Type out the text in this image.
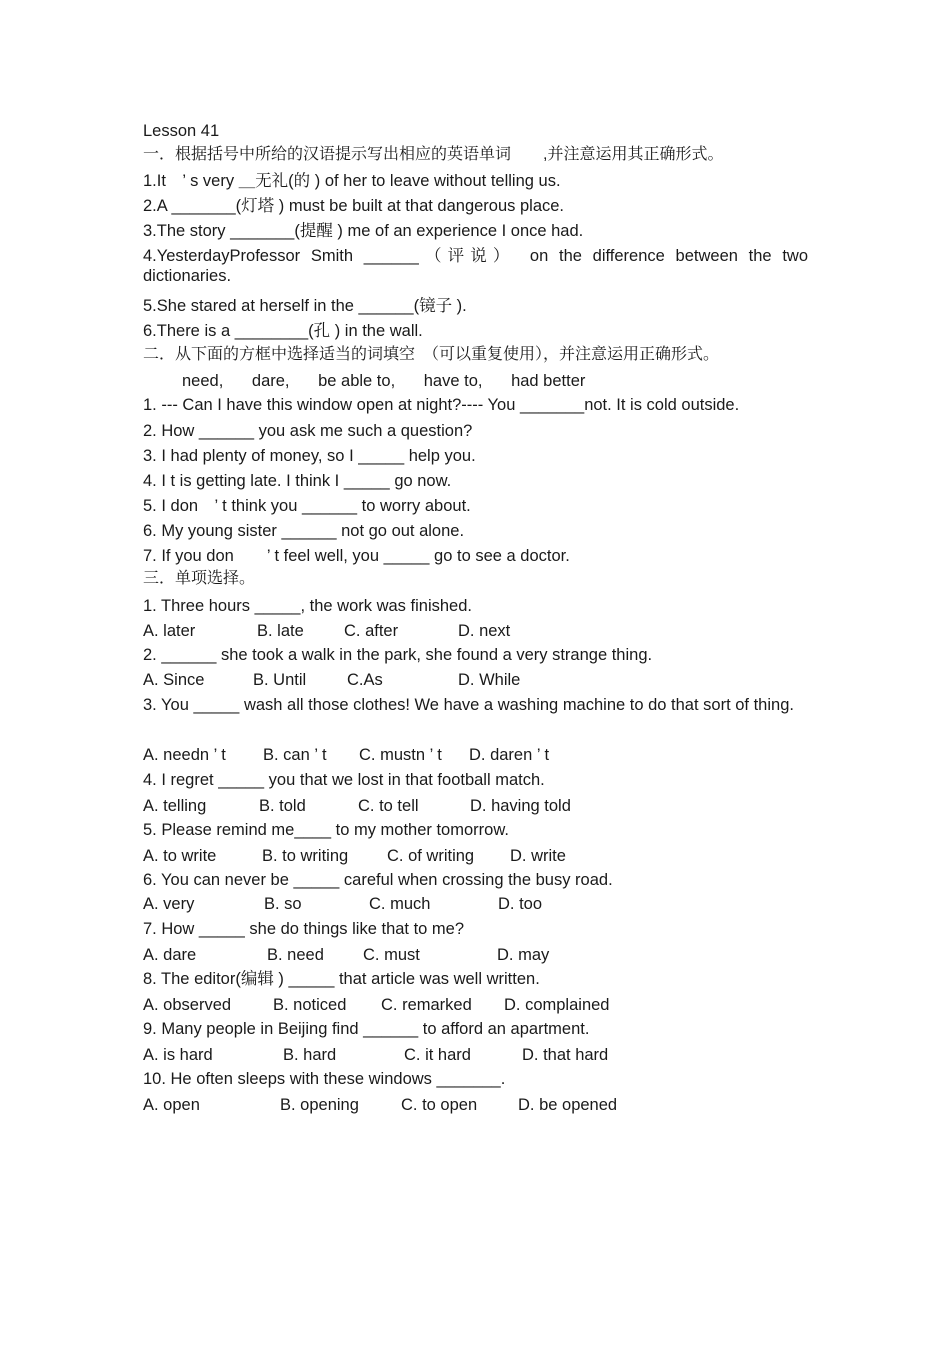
Lesson 41
一．根据括号中所给的汉语提示写出相应的英语单词　　,并注意运用其正确形式。
1.It　’ s very ＿无礼(的 ) of her to leave without telling us.
2.A _______(灯塔 ) must be built at that dangerous place.
3.The story _______(提醒 ) me of an experience I once had.
4.YesterdayProfessor Smith ______（评说）　on the difference between the two dictionaries.
5.She stared at herself in the ______(镜子 ).
6.There is a ________(孔 ) in the wall.
二．从下面的方框中选择适当的词填空　（可以重复使用），并注意运用正确形式。
need, dare, be able to, have to, had better
1. --- Can I have this window open at night?---- You _______not. It is cold outside.
2. How ______ you ask me such a question?
3. I had plenty of money, so I _____ help you.
4. I t is getting late. I think I _____ go now.
5. I don　’ t think you ______ to worry about.
6. My young sister ______ not go out alone.
7. If you don　　’ t feel well, you _____ go to see a doctor.
三．单项选择。
1. Three hours _____, the work was finished.
A. later	B. late C. after	D. next
2. ______ she took a walk in the park, she found a very strange thing.
A. Since	B. Until C.As	D. While
3. You _____ wash all those clothes! We have a washing machine to do that sort of thing.
A. needn ’ t B. can ’ t C. mustn ’ t D. daren ’ t
4. I regret _____ you that we lost in that football match.
A. telling	B. told	C. to tell	D. having told
5. Please remind me____ to my mother tomorrow.
A. to write	B. to writing C. of writing D. write
6. You can never be _____ careful when crossing the busy road.
A. very	B. so	C. much	D. too
7. How _____ she do things like that to me?
A. dare	B. need C. must	D. may
8. The editor(编辑 ) _____ that article was well written.
A. observed	B. noticed C. remarked D. complained
9. Many people in Beijing find ______ to afford an apartment.
A. is hard	B. hard	C. it hard	D. that hard
10. He often sleeps with these windows _______.
A. open	B. opening	C. to open D. be opened
